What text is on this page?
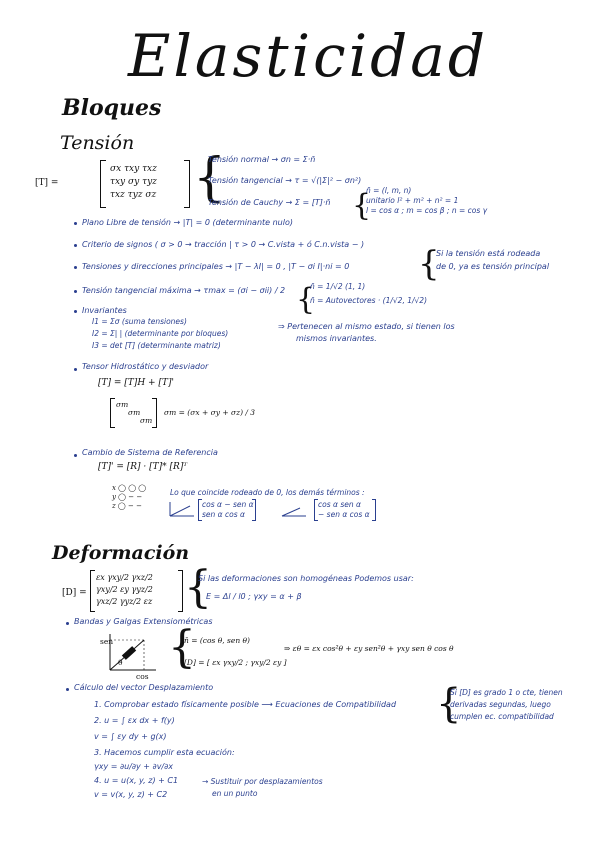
Elasticidad
Bloques
Tensión
[T] =
σx τxy τxz
τxy σy τyz
τxz τyz σz {
Tensión normal → σn = Σ·n̄
Tensión tangencial → τ = √(|Σ|² − σn²)
Tensión de Cauchy → Σ = [T]·n̄ {
n̄ = (l, m, n)
unitario l² + m² + n² = 1
l = cos α ; m = cos β ; n = cos γ
Plano Libre de tensión → |T| = 0 (determinante nulo)
Criterio de signos ( σ > 0 → tracción | τ > 0 → C.vista + ó C.n.vista − )
Tensiones y direcciones principales → |T − λI| = 0 , |T − σi I|·ni = 0 {
Si la tensión está rodeada
de 0, ya es tensión principal
Tensión tangencial máxima → τmax = (σi − σii) / 2 {
n̄ = 1/√2 (1, 1)
n̄ = Autovectores · (1/√2, 1/√2)
Invariantes
I1 = Σσ (suma tensiones)
I2 = Σ| | (determinante por bloques)
I3 = det [T] (determinante matriz)
⇒ Pertenecen al mismo estado, si tienen los
mismos invariantes.
Tensor Hidrostático y desviador
[T] = [T]H + [T]'
σm
σm
σm
σm = (σx + σy + σz) / 3
Cambio de Sistema de Referencia
[T]' = [R] · [T]* [R]ᵀ
x ◯ ◯ ◯
y ◯ − −
z ◯ − −
Lo que coincide rodeado de 0, los demás términos :
cos α − sen α
sen α cos α
cos α sen α
− sen α cos α
Deformación
[D] =
εx γxy/2 γxz/2
γxy/2 εy γyz/2
γxz/2 γyz/2 εz {
Si las deformaciones son homogéneas Podemos usar:
E = Δl / l0 ; γxy = α + β
Bandas y Galgas Extensiométricas
sen
cos
θ {
n̄ = (cos θ, sen θ)
[D] = [ εx γxy/2 ; γxy/2 εy ]
⇒ εθ = εx cos²θ + εy sen²θ + γxy sen θ cos θ
Cálculo del vector Desplazamiento
1. Comprobar estado físicamente posible ⟶ Ecuaciones de Compatibilidad
2. u = ∫ εx dx + f(y)
v = ∫ εy dy + g(x)
3. Hacemos cumplir esta ecuación:
γxy = ∂u/∂y + ∂v/∂x
4. u = u(x, y, z) + C1
v = v(x, y, z) + C2
{
Si [D] es grado 1 o cte, tienen
derivadas segundas, luego
cumplen ec. compatibilidad
→ Sustituir por desplazamientos
en un punto
